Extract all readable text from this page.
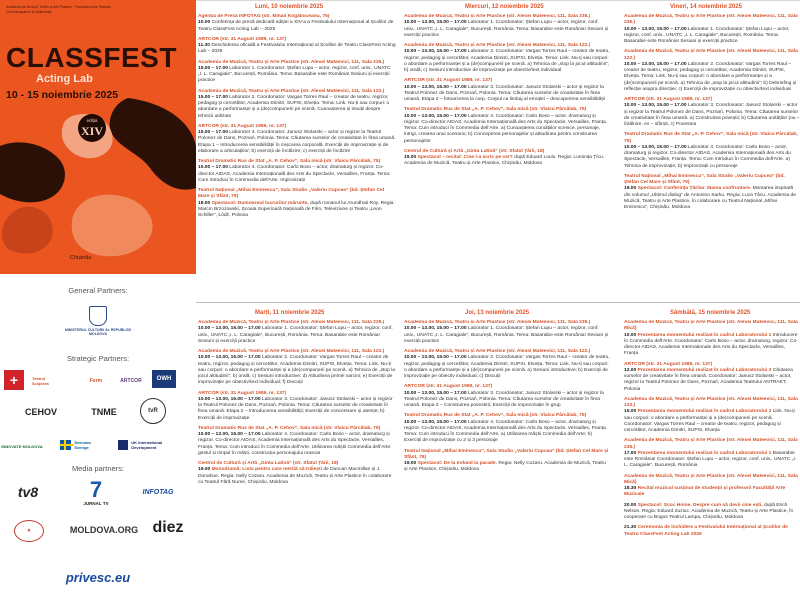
Academia de Muzică, Teatru și Arte Plastice · Facultatea Arte Teatrale, Cinematografice și Multimedia
CLASSFEST
Acting Lab
10 - 15 noiembrie 2025
ediția
XIV
Chișinău
General Partners:
MINISTERUL CULTURII AL REPUBLICII MOLDOVA
Strategic Partners:
+	Teatrul Sclipirea	Ferm	ARTCOR	OWH
CEHOV	TNME	tvR
INNOVATE MOLDOVA
Svenska Sverige
UK International Development
Media partners:
tv8 7
JURNAL TV
INFOTAG
✦	MOLDOVA.ORG diez
privesc.eu
Luni, 10 noiembrie 2025
Agenția de Presă INFOTAG (str. Mihail Kogălniceanu, 76)
10.00 Conferința de presă dedicată ediției a XIV-a a Festivalului Internațional al Școlilor de Teatru ClassFest Acting Lab – 2025
ARTCOR (str. 31 August 1989, nr. 137)
11.30 Deschiderea oficială a Festivalului Internațional al Școlilor de Teatru ClassFest Acting Lab – 2025
Academia de Muzică, Teatru și Arte Plastice (str. Alexei Mateevici, 111, Sala 235.)
15.00 – 17.00 Laborator 1. Coordonator: Ștefan Lupu – actor, regizor, conf. univ., UNATC „I. L. Caragiale”, București, România. Tema: Basarabie este România! Sesiuni și exerciții practice
Academia de Muzică, Teatru și Arte Plastice (str. Alexei Mateevici, 111, Sala 122.)
15.00 – 17.00 Laborator 2. Coordonator: Vargas Torres Raul – creator de teatru, regizor, pedagog și cercetător, Academia Dimitri, SUPSI, Elveția. Tema: Link. Nu-ți sau corpuri: o abordare a performanței și a (de)compunerii pe scenă. Cunoașterea și intuiții despre tehnicii utilizate
ARTCOR (str. 31 August 1989, nr. 137)
15.00 – 17.00 Laborator 3. Coordonator: Janusz Stolarski – actor și regizor la Teatrul Polonez de Dans, Poznań, Polonia. Tema: Căutarea surselor de creativitate în firea umană. Etapa 1 – Introducerea sensibilității în mișcarea corporală. Exerciții de improvizație și de elaborare a articulațiilor; b) exerciții de încălzire; c) exerciții de încăzire
Teatrul Dramatic Rus de Stat „A. P. Cehov”, Sala mică (str. Vlaicu Pârcălab, 75)
15.00 – 17.00 Laborator 4. Coordonator: Carlo Boso – actor, dramaturg și regizor. Co-director AIDAS, Academia Internațională des Arts du Spectacle, Versailles, Franța. Tema: Cum introduci în Commedia dell'Arte. Improvizații
Teatrul Național „Mihai Eminescu”, Sala Studio „Valeriu Cupcea” (bd. Ștefan Cel Mare și Sfânt, 79)
19.00 Spectacol: Dumnezeul lucrurilor mărunte, după romanul lui Arundhati Roy. Regia: Marcin Brzozowski, Școala Superioară Națională de Film, Televiziune și Teatru „Leon Schiller”, Łódź, Polonia
Miercuri, 12 noiembrie 2025
Academia de Muzică, Teatru și Arte Plastice (str. Alexei Mateevici, 111, Sala 235.)
10.00 – 13.00, 15.00 – 17.00 Laborator 1. Coordonator: Ștefan Lupu – actor, regizor, conf. univ., UNATC „I. L. Caragiale”, București, România. Tema: Basarabie este România! Sesiuni și exerciții practice
Academia de Muzică, Teatru și Arte Plastice (str. Alexei Mateevici, 111, Sala 122.)
10.00 – 13.00, 15.00 – 17.00 Laborator 2. Coordonator: Vargas Torres Raul – creator de teatru, regizor, pedagog și cercetător, Academia Dimitri, SUPSI, Elveția. Tema: Link. Nu-ți sau corpuri: o abordare a performanței și a (de)compunerii pe scenă. a) Tehnica de „stop la jocul altitudinii”; b) orală; c) Sesiuni introductive de improvizație pe obiectiv/text individual
ARTCOR (str. 31 August 1989, nr. 137)
10.00 – 13.00, 15.00 – 17.00 Laborator 3. Coordonator: Janusz Stolarski – actor și regizor la Teatrul Polonez de Dans, Poznań, Polonia. Tema: Căutarea surselor de creativitate în firea umană. Etapa 2 – Întoarcerea la corp. Corpul ca limbaj al emoției – descoperirea sensibilității
Teatrul Dramatic Rus de Stat „A. P. Cehov”, Sala mică (str. Vlaicu Pârcălab, 75)
10.00 – 13.00, 15.00 – 17.00 Laborator 4. Coordonator: Carlo Boso – actor, dramaturg și regizor. Co-director AIDAS, Academia Internațională des Arts du Spectacle, Versailles, Franța. Tema: Cum introduci în Commedia dell'Arte. a) Cunoașterea condițiilor scenice, personaje, intrigi, crearea unui scenariu; b) Conceperea personajelor și atitudinea pentru construirea personajelor
Centrul de Cultură și Artă „Ginta Latină” (str. Sfatul Țării, 18)
19.00 Spectacol – recital: Cine î-a scris pe cer? după Eduard Louis. Regia: Luminița Țîcu. Academia de Muzică, Teatru și Arte Plastice, Chișinău, Moldova
Vineri, 14 noiembrie 2025
Academia de Muzică, Teatru și Arte Plastice (str. Alexei Mateevici, 111, Sala 235.)
10.00 – 13.00, 15.00 – 17.00 Laborator 1. Coordonator: Ștefan Lupu – actor, regizor, conf. univ., UNATC „I. L. Caragiale”, București, România. Tema: Basarabie este România! Sesiuni și exerciții practice
Academia de Muzică, Teatru și Arte Plastice (str. Alexei Mateevici, 111, Sala 122.)
10.00 – 13.00, 15.00 – 17.00 Laborator 2. Coordonator: Vargas Torres Raul – creator de teatru, regizor, pedagog și cercetător, Academia Dimitri, SUPSI, Elveția. Tema: Link. Nu-ți sau corpuri: o abordare a performanței și a (de)compunerii pe scenă. a) Tehnica de „stop la jocul altitudinii”; b) Debriefing și reflecție asupra direcției; c) Exerciții de improvizație cu obiectiv/text individual
ARTCOR (str. 31 August 1989, nr. 137)
10.00 – 13.00, 15.00 – 17.00 Laborator 3. Coordonator: Janusz Stolarski – actor și regizor la Teatrul Polonez de Dans, Poznań, Polonia. Tema: Căutarea surselor de creativitate în firea umană. a) Construirea poveștii; b) Căutarea unităților (ou – întâlnire, ex – sfârșit, c) Povestea
Teatrul Dramatic Rus de Stat „A. P. Cehov”, Sala mică (str. Vlaicu Pârcălab, 75)
10.00 – 13.00, 15.00 – 17.00 Laborator 4. Coordonator: Carlo Boso – actor, dramaturg și regizor. Co-director AIDAS, Academia Internațională des Arts du Spectacle, Versailles, Franța. Tema: Cum introduci în Commedia dell'Arte. a) Tehnica de improvizație; b) Improvizații cu personaje
Teatrul Național „Mihai Eminescu”, Sala Studio „Valeriu Cupcea” (bd. Ștefan Cel Mare și Sfânt, 79)
19.00 Spectacol: Conferința Țărilor. Marea confruntare. Montarea inspirată din volumul „Ultimul dialog” de Antonino Sarku. Regia: Luca Tâcu. Academia de Muzică, Teatru și Arte Plastice, în colaborare cu Teatrul Național „Mihai Eminescu”, Chișinău, Moldova
Marți, 11 noiembrie 2025
Academia de Muzică, Teatru și Arte Plastice (str. Alexei Mateevici, 111, Sala 235.)
10.00 – 13.00, 15.00 – 17.00 Laborator 1. Coordonator: Ștefan Lupu – actor, regizor, conf. univ., UNATC „I. L. Caragiale”, București, România. Tema: Basarabie este România! Sesiuni și exerciții practice
Academia de Muzică, Teatru și Arte Plastice (str. Alexei Mateevici, 111, Sala 122.)
10.00 – 13.00, 15.00 – 17.00 Laborator 2. Coordonator: Vargas Torres Raul – creator de teatru, regizor, pedagog și cercetător, Academia Dimitri, SUPSI, Elveția. Tema: Link. Nu-ți sau corpuri: o abordare a performanței și a (de)compunerii pe scenă. a) Tehnica de „stop la jocul altitudinii”; b) orală; c) Sesiuni introductive; d) Atitudinea primei sarcini; e) Exerciții de improvizație pe obiectiv/text individual; f) Discuții
ARTCOR (str. 31 August 1989, nr. 137)
10.00 – 13.00, 15.00 – 17.00 Laborator 3. Coordonator: Janusz Stolarski – actor și regizor la Teatrul Polonez de Dans, Poznań, Polonia. Tema: Căutarea surselor de creativitate în firea umană. Etapa 2 – Introducerea sensibilității; Exerciții de concentrare și atenție; b) Exerciții de improvizație
Teatrul Dramatic Rus de Stat „A. P. Cehov”, Sala mică (str. Vlaicu Pârcălab, 75)
10.00 – 13.00, 15.00 – 17.00 Laborator 4. Coordonator: Carlo Boso – actor, dramaturg și regizor. Co-director AIDAS, Academia Internațională des Arts du Spectacle, Versailles, Franța. Tema: Cum introduci în Commedia dell'Arte. Utilizarea măștii Commedia dell'Arte: gestul și timpul în măști, construcția personajului mascat
Centrul de Cultură și Artă „Ginta Latină” (str. Sfatul Țării, 18)
19.00 Monodramă: Lista pentru care merită să trăiești de Duncan Macmillan și J. Donahoe. Regia: Nelly Cozaru. Academia de Muzică, Teatru și Arte Plastice în colaborare cu Teatrul Fără Nume, Chișinău, Moldova
Joi, 13 noiembrie 2025
Academia de Muzică, Teatru și Arte Plastice (str. Alexei Mateevici, 111, Sala 235.)
10.00 – 13.00, 15.00 – 17.00 Laborator 1. Coordonator: Ștefan Lupu – actor, regizor, conf. univ., UNATC „I. L. Caragiale”, București, România. Tema: Basarabie este România! Sesiuni și exerciții practice
Academia de Muzică, Teatru și Arte Plastice (str. Alexei Mateevici, 111, Sala 122.)
10.00 – 13.00, 15.00 – 17.00 Laborator 2. Coordonator: Vargas Torres Raul – creator de teatru, regizor, pedagog și cercetător, Academia Dimitri, SUPSI, Elveția. Tema: Link. Nu-ți sau corpuri: o abordare a performanței și a (de)compunerii pe scenă. a) Sesiuni introductive; b) Exerciții de improvizație pe obiectiv individual; c) Discuții
ARTCOR (str. 31 August 1989, nr. 137)
10.00 – 13.00, 15.00 – 17.00 Laborator 3. Coordonator: Janusz Stolarski – actor și regizor la Teatrul Polonez de Dans, Poznań, Polonia. Tema: Căutarea surselor de creativitate în firea umană. Etapa 3 – Construirea povestirii; Exerciții de improvizație în grup
Teatrul Dramatic Rus de Stat „A. P. Cehov”, Sala mică (str. Vlaicu Pârcălab, 75)
10.00 – 13.00, 15.00 – 17.00 Laborator 4. Coordonator: Carlo Boso – actor, dramaturg și regizor. Co-director AIDAS, Academia Internațională des Arts du Spectacle, Versailles, Franța. Tema: Cum introduci în Commedia dell'Arte. a) Utilizarea măștii Commedia dell'Arte; b) Exerciții de improvizație cu 2 și 3 personaje
Teatrul Național „Mihai Eminescu”, Sala Studio „Valeriu Cupcea” (bd. Ștefan Cel Mare și Sfânt, 79)
19.00 Spectacol: De la Ireland la parade. Regia: Nelly Cozaru. Academia de Muzică, Teatru și Arte Plastice, Chișinău, Moldova
Sâmbătă, 15 noiembrie 2025
Academia de Muzică, Teatru și Arte Plastice (str. Alexei Mateevici, 111, Sala Mică)
10.00 Prezentarea momentului realizat în cadrul Laboratorului 1 Introducere în Commedia dell'Arte. Coordonator: Carlo Boso – actor, dramaturg, regizor. Co-director AIDAS, Academie Internationale des Arts du Spectacle, Versailles, Franța
ARTCOR (str. 31 August 1989, nr. 137)
12.00 Prezentarea momentului realizat în cadrul Laboratorului 3 Căutarea surselor de creativitate în firea umană. Coordonator: Janusz Stolarski – actor, regizor la Teatrul Polonez de Dans, Poznań, Academia Teatrului ANTRAKT, Polonia
Academia de Muzică, Teatru și Arte Plastice (str. Alexei Mateevici, 111, Sala 122.)
15.00 Prezentarea momentului realizat în cadrul Laboratorului 2 Link. Nu-ți sau corpuri: o abordare a performanței și a (de)compunerii pe scenă. Coordonator: Vargas Torres Raul – creator de teatru, regizor, pedagog și cercetător, Academia Dimitri, SUPSI, Elveția
Academia de Muzică, Teatru și Arte Plastice (str. Alexei Mateevici, 111, Sala 235.)
17.00 Prezentarea momentului realizat în cadrul Laboratorului 1 Basarabie este România! Coordonator: Ștefan Lupu – actor, regizor, conf. univ., UNATC „I. L. Caragiale”, București, România
Academia de Muzică, Teatru și Arte Plastice (str. Alexei Mateevici, 111, Sala Mică)
18.30 Recital muzical susținut de studenții și profesorii Facultății Arte Muzicale
20.00 Spectacol: Scoc Home. Despre cum să devii cine ești, după Erich Nelson. Regia: Eduard Zuziuc. Academia de Muzică, Teatru și Arte Plastice, în cooperare cu Bogus Teatrul Lampa, Chișinău, Moldova
21.30 Ceremonia de închidere a Festivalului Internațional al Școlilor de Teatru ClassFest Acting Lab 2025
